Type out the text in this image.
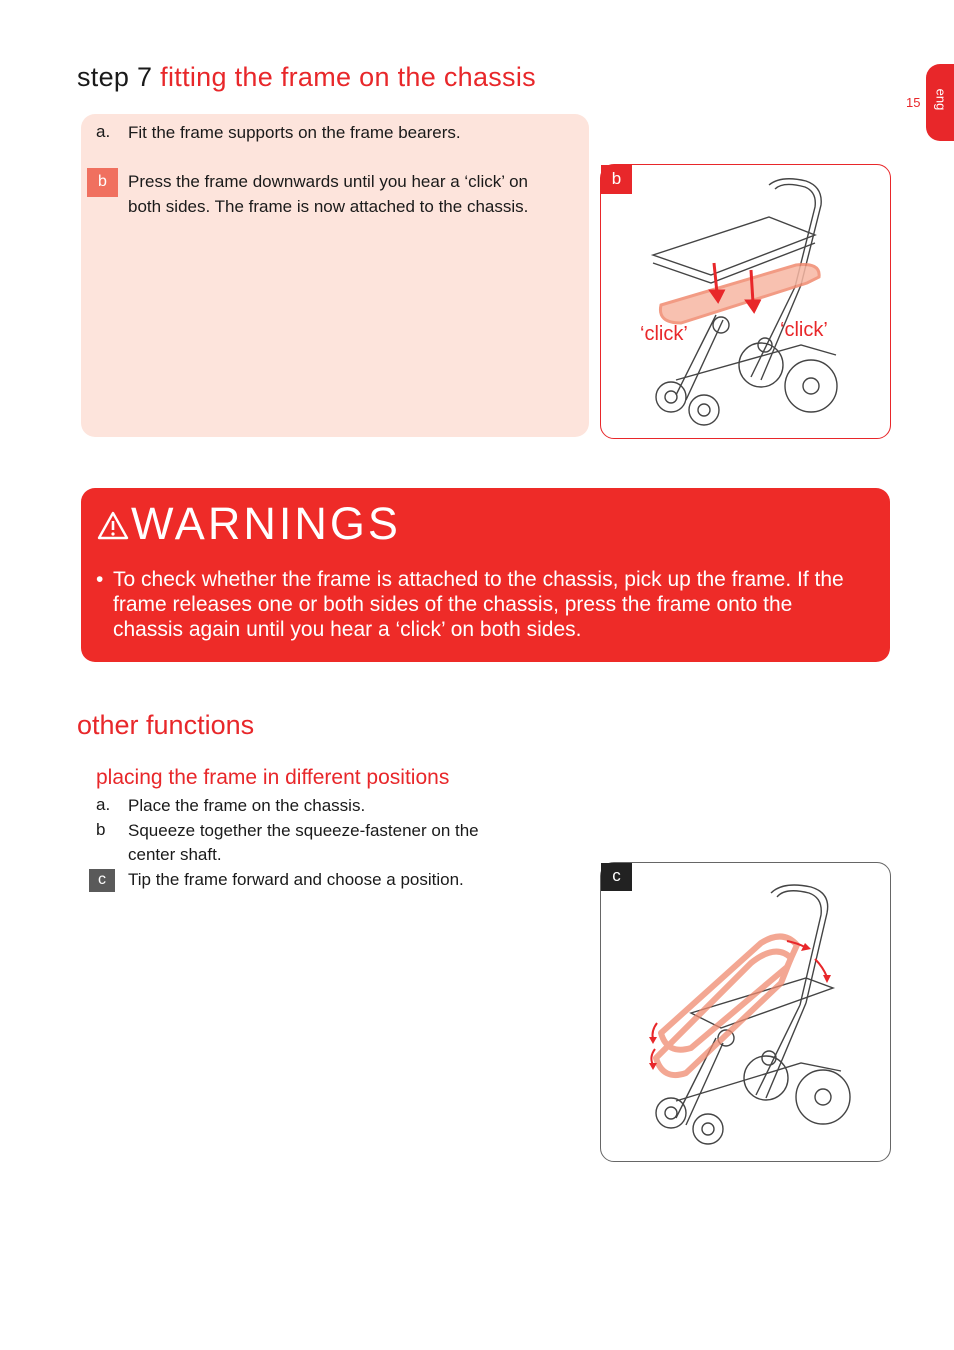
step 7 fitting the frame on the chassis
15 eng
a. Fit the frame supports on the frame bearers.
b	Press the frame downwards until you hear a ‘click’ on
both sides. The frame is now attached to the chassis.
b
‘click’	‘click’
WARNINGS
• To check whether the frame is attached to the chassis, pick up the frame. If the
frame releases one or both sides of the chassis, press the frame onto the
chassis again until you hear a ‘click’ on both sides.
other functions
placing the frame in different positions
a. Place the frame on the chassis.
b Squeeze together the squeeze-fastener on the
center shaft.
c	Tip the frame forward and choose a position.	c
